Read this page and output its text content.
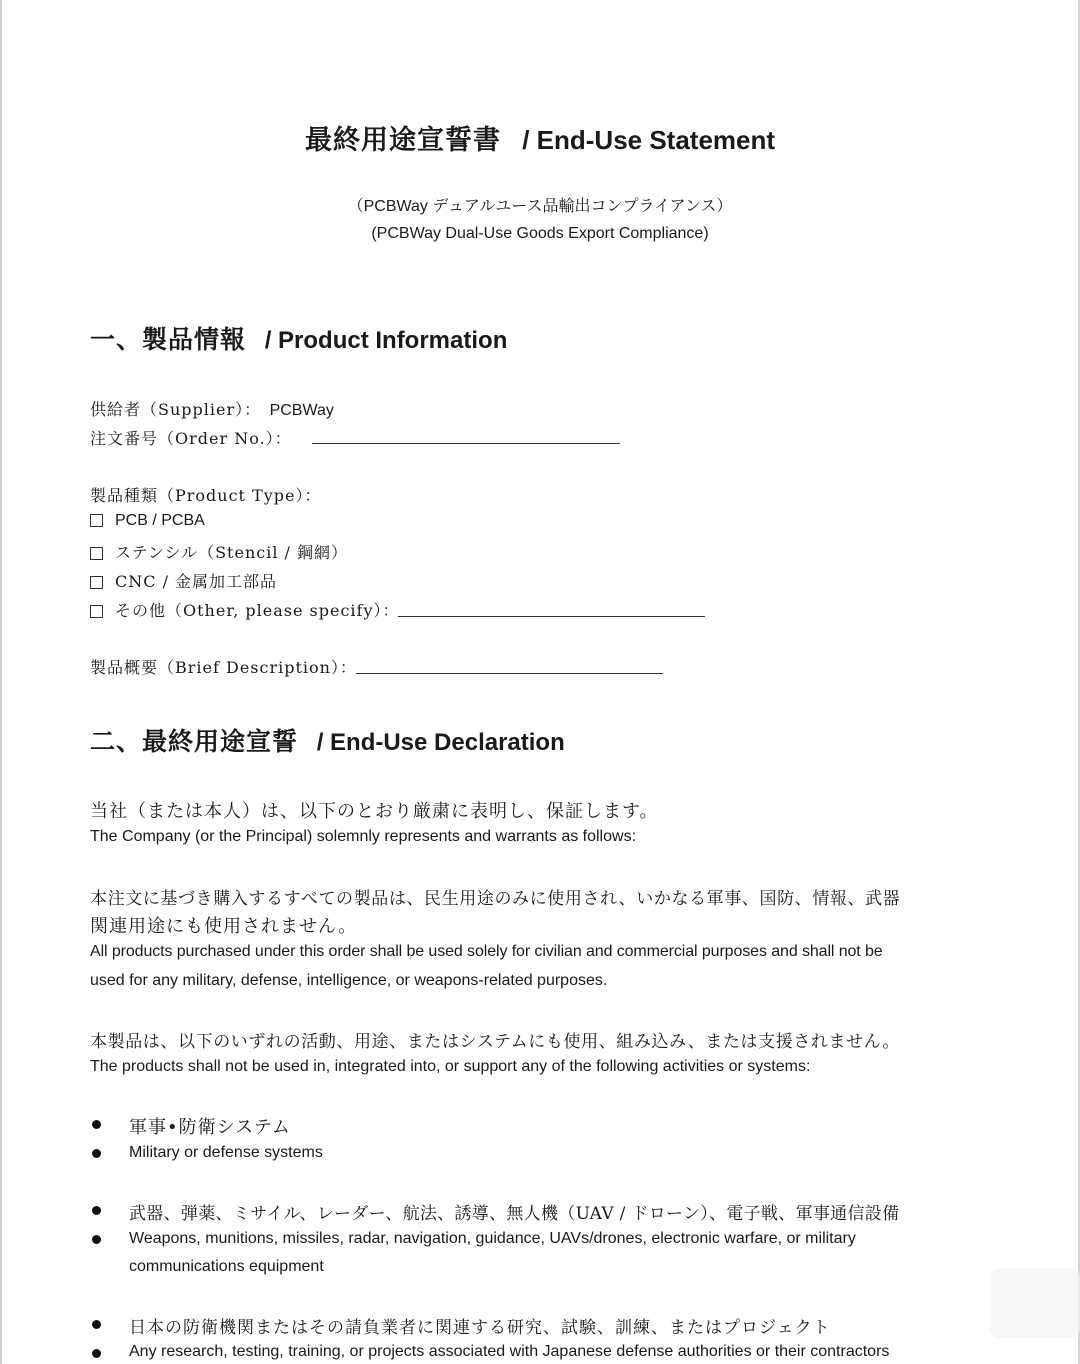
最終用途宣誓書 / End-Use Statement
（PCBWay デュアルユース品輸出コンプライアンス）
(PCBWay Dual-Use Goods Export Compliance)
一、製品情報 / Product Information
供給者（Supplier）： PCBWay
注文番号（Order No.）：
製品種類（Product Type）：
PCB / PCBA
ステンシル（Stencil / 鋼網）
CNC / 金属加工部品
その他（Other, please specify）：
製品概要（Brief Description）：
二、最終用途宣誓 / End-Use Declaration
当社（または本人）は、以下のとおり厳粛に表明し、保証します。
The Company (or the Principal) solemnly represents and warrants as follows:
本注文に基づき購入するすべての製品は、民生用途のみに使用され、いかなる軍事、国防、情報、武器
関連用途にも使用されません。
All products purchased under this order shall be used solely for civilian and commercial purposes and shall not be
used for any military, defense, intelligence, or weapons-related purposes.
本製品は、以下のいずれの活動、用途、またはシステムにも使用、組み込み、または支援されません。
The products shall not be used in, integrated into, or support any of the following activities or systems:
軍事•防衛システム
Military or defense systems
武器、弾薬、ミサイル、レーダー、航法、誘導、無人機（UAV / ドローン）、電子戦、軍事通信設備
Weapons, munitions, missiles, radar, navigation, guidance, UAVs/drones, electronic warfare, or military
communications equipment
日本の防衛機関またはその請負業者に関連する研究、試験、訓練、またはプロジェクト
Any research, testing, training, or projects associated with Japanese defense authorities or their contractors
